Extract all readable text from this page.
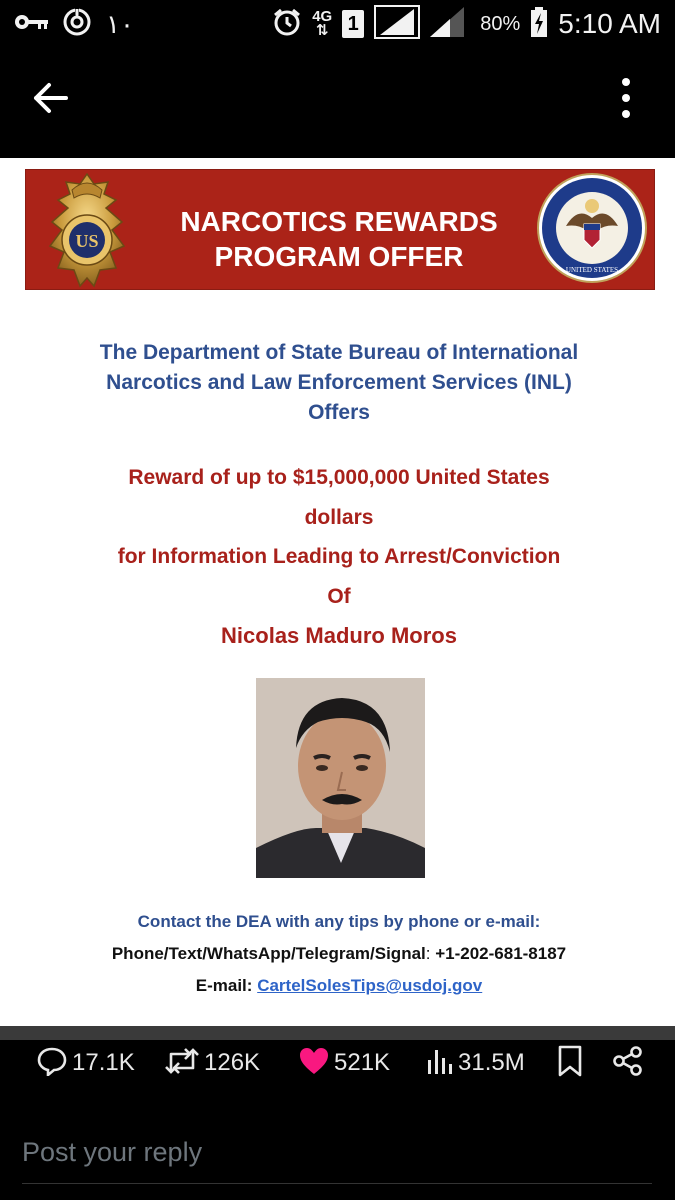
١٠	4G
⇅ 1	80% 5:10 AM
US
NARCOTICS REWARDS PROGRAM OFFER	UNITED STATES
The Department of State Bureau of International
Narcotics and Law Enforcement Services (INL)
Offers
Reward of up to $15,000,000 United States
dollars
for Information Leading to Arrest/Conviction
Of
Nicolas Maduro Moros
Contact the DEA with any tips by phone or e-mail:
Phone/Text/WhatsApp/Telegram/Signal: +1-202-681-8187
E-mail: CartelSolesTips@usdoj.gov
17.1K	126K	521K	31.5M
Post your reply
